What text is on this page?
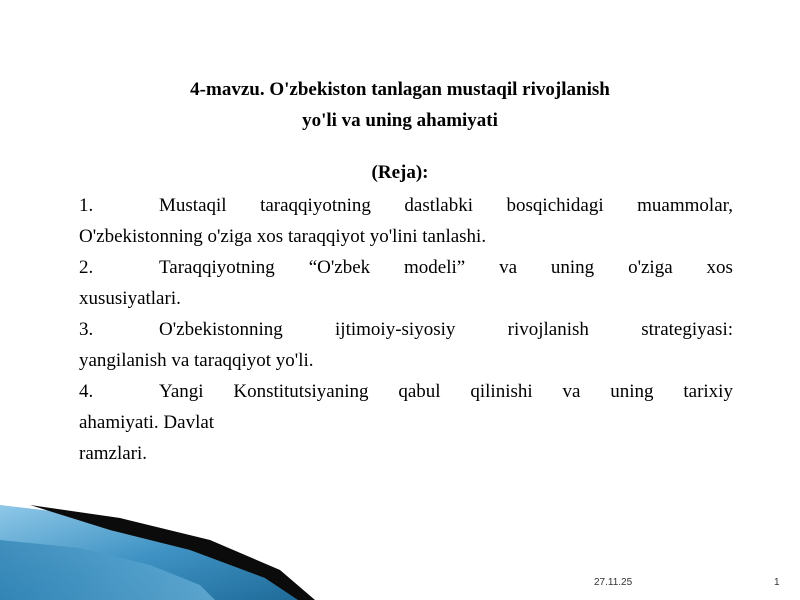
4-mavzu. O'zbekiston tanlagan mustaqil rivojlanish

yo'li va uning ahamiyati

(Reja):
1.	Mustaqil taraqqiyotning dastlabki bosqichidagi muammolar,
O'zbekistonning o'ziga xos taraqqiyot yo'lini tanlashi.
2.	Taraqqiyotning “O'zbek modeli” va uning o'ziga xos
xususiyatlari.
3.	O'zbekistonning	ijtimoiy-siyosiy	rivojlanish	strategiyasi:
yangilanish va taraqqiyot yo'li.
4.	Yangi Konstitutsiyaning qabul qilinishi va uning tarixiy
ahamiyati. Davlat
ramzlari.
27.11.25	1
